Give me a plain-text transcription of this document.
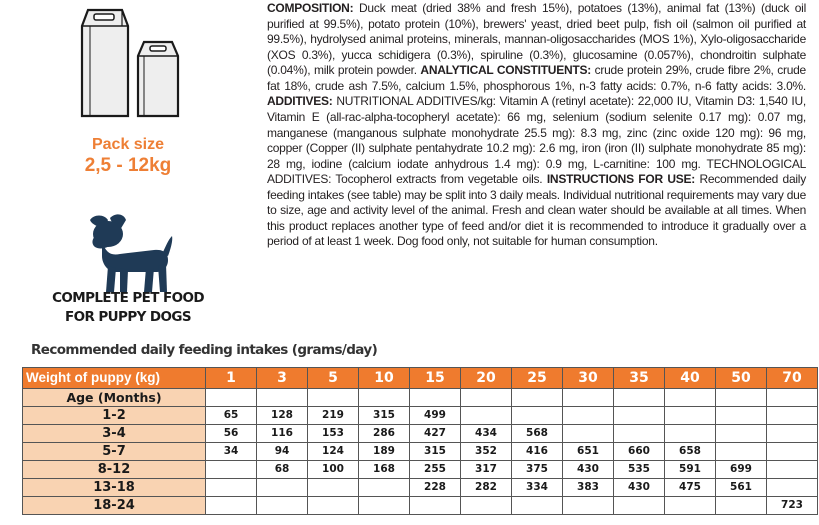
Pack size
2,5 - 12kg
COMPLETE PET FOOD
FOR PUPPY DOGS
COMPOSITION: Duck meat (dried 38% and fresh 15%), potatoes (13%), animal fat (13%) (duck oil purified at 99.5%), potato protein (10%), brewers' yeast, dried beet pulp, fish oil (salmon oil purified at 99.5%), hydrolysed animal proteins, minerals, mannan-oligosaccharides (MOS 1%), Xylo-oligosaccharide (XOS 0.3%), yucca schidigera (0.3%), spiruline (0.3%), glucosamine (0.057%), chondroitin sulphate (0.04%), milk protein powder. ANALYTICAL CONSTITUENTS: crude protein 29%, crude fibre 2%, crude fat 18%, crude ash 7.5%, calcium 1.5%, phosphorous 1%, n-3 fatty acids: 0.7%, n-6 fatty acids: 3.0%. ADDITIVES: NUTRITIONAL ADDITIVES/kg: Vitamin A (retinyl acetate): 22,000 IU, Vitamin D3: 1,540 IU, Vitamin E (all-rac-alpha-tocopheryl acetate): 66 mg, selenium (sodium selenite 0.17 mg): 0.07 mg, manganese (manganous sulphate monohydrate 25.5 mg): 8.3 mg, zinc (zinc oxide 120 mg): 96 mg, copper (Copper (II) sulphate pentahydrate 10.2 mg): 2.6 mg, iron (iron (II) sulphate monohydrate 85 mg): 28 mg, iodine (calcium iodate anhydrous 1.4 mg): 0.9 mg, L-carnitine: 100 mg. TECHNOLOGICAL ADDITIVES: Tocopherol extracts from vegetable oils. INSTRUCTIONS FOR USE: Recommended daily feeding intakes (see table) may be split into 3 daily meals. Individual nutritional requirements may vary due to size, age and activity level of the animal. Fresh and clean water should be available at all times. When this product replaces another type of feed and/or diet it is recommended to introduce it gradually over a period of at least 1 week. Dog food only, not suitable for human consumption.
Recommended daily feeding intakes (grams/day)
Weight of puppy (kg)	1	3	5	10	15	20	25	30	35	40	50	70
Age (Months)												
1-2	65	128	219	315	499							
3-4	56	116	153	286	427	434	568					
5-7	34	94	124	189	315	352	416	651	660	658		
8-12		68	100	168	255	317	375	430	535	591	699	
13-18					228	282	334	383	430	475	561	
18-24												723
